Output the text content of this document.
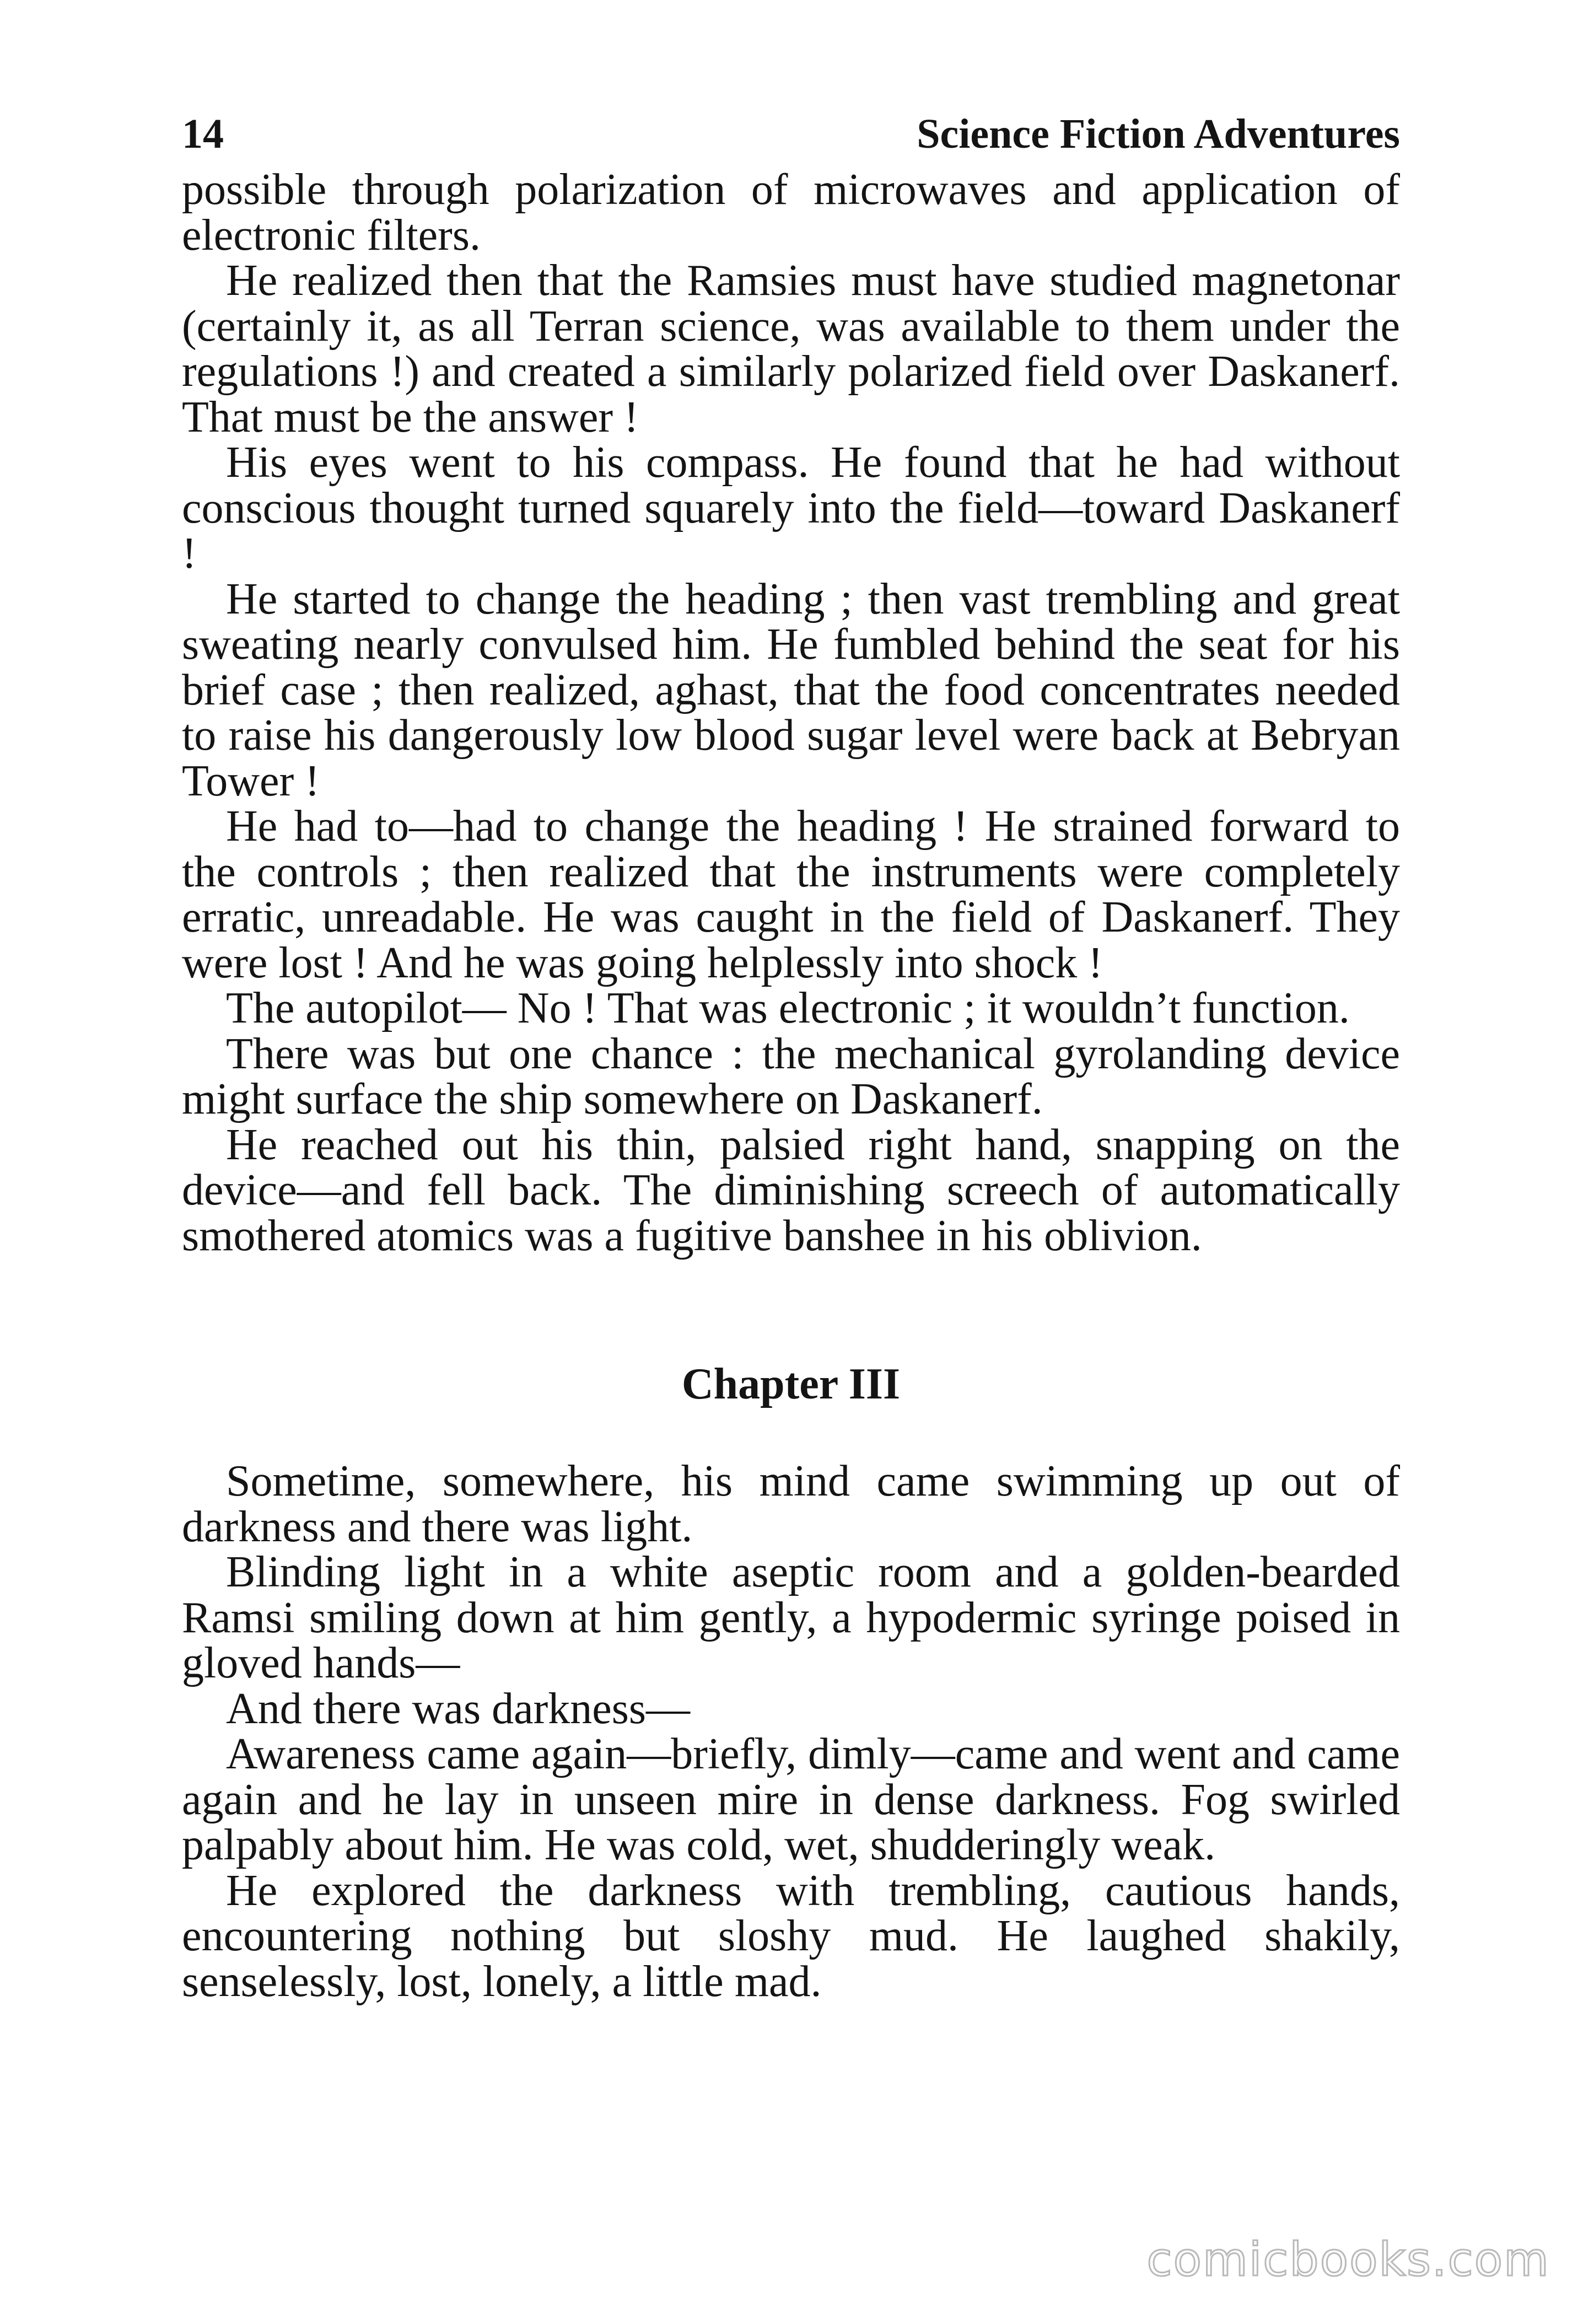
14	Science Fiction Adventures

possible through polarization of microwaves and application of electronic filters.

He realized then that the Ramsies must have studied magnetonar (certainly it, as all Terran science, was available to them under the regulations !) and created a similarly polarized field over Daskanerf. That must be the answer !

His eyes went to his compass. He found that he had without conscious thought turned squarely into the field—toward Daskanerf !

He started to change the heading ; then vast trembling and great sweating nearly convulsed him. He fumbled behind the seat for his brief case ; then realized, aghast, that the food concentrates needed to raise his dangerously low blood sugar level were back at Bebryan Tower !

He had to—had to change the heading ! He strained forward to the controls ; then realized that the instruments were completely erratic, unreadable. He was caught in the field of Daskanerf. They were lost ! And he was going helplessly into shock !

The autopilot— No ! That was electronic ; it wouldn’t function.

There was but one chance : the mechanical gyrolanding device might surface the ship somewhere on Daskanerf.

He reached out his thin, palsied right hand, snapping on the device—and fell back. The diminishing screech of automatically smothered atomics was a fugitive banshee in his oblivion.

Chapter III

Sometime, somewhere, his mind came swimming up out of darkness and there was light.

Blinding light in a white aseptic room and a golden-bearded Ramsi smiling down at him gently, a hypodermic syringe poised in gloved hands—

And there was darkness—

Awareness came again—briefly, dimly—came and went and came again and he lay in unseen mire in dense darkness. Fog swirled palpably about him. He was cold, wet, shudderingly weak.

He explored the darkness with trembling, cautious hands, encountering nothing but sloshy mud. He laughed shakily, senselessly, lost, lonely, a little mad.

comicbooks.com
